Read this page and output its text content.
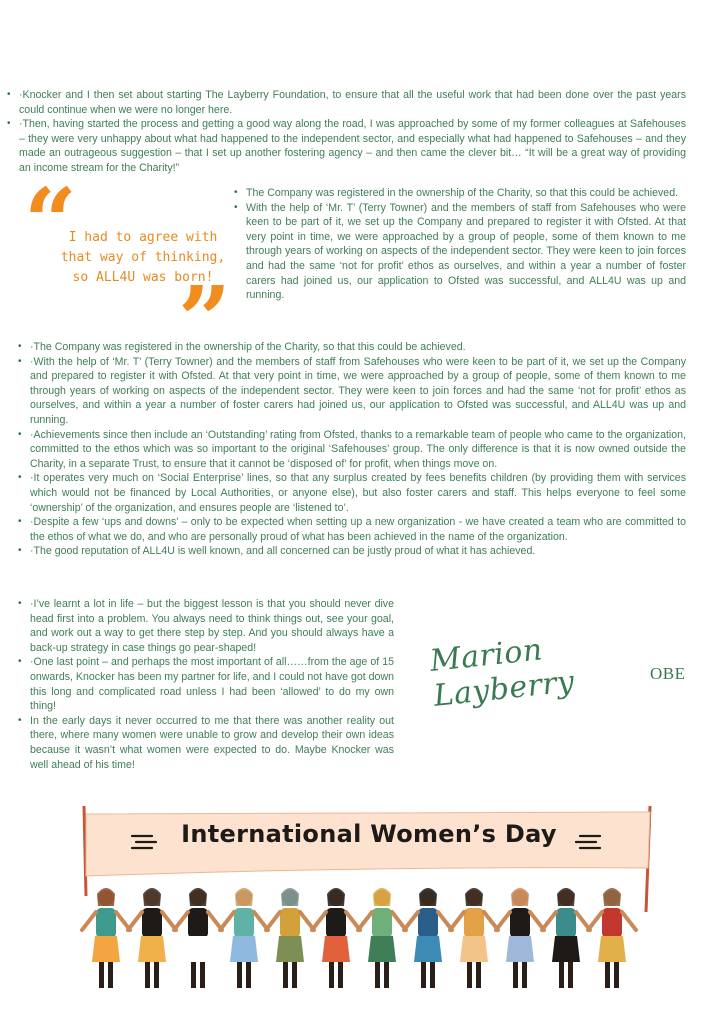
• ·Knocker and I then set about starting The Layberry Foundation, to ensure that all the useful work that had been done over the past years could continue when we were no longer here.
• ·Then, having started the process and getting a good way along the road, I was approached by some of my former colleagues at Safehouses – they were very unhappy about what had happened to the independent sector, and especially what had happened to Safehouses – and they made an outrageous suggestion – that I set up another fostering agency – and then came the clever bit… “It will be a great way of providing an income stream for the Charity!”
“
I had to agree with
that way of thinking,
so ALL4U was born!
”
• The Company was registered in the ownership of the Charity, so that this could be achieved.
• With the help of ‘Mr. T’ (Terry Towner) and the members of staff from Safehouses who were keen to be part of it, we set up the Company and prepared to register it with Ofsted. At that very point in time, we were approached by a group of people, some of them known to me through years of working on aspects of the independent sector. They were keen to join forces and had the same ‘not for profit’ ethos as ourselves, and within a year a number of foster carers had joined us, our application to Ofsted was successful, and ALL4U was up and running.
• ·The Company was registered in the ownership of the Charity, so that this could be achieved.
• ·With the help of ‘Mr. T’ (Terry Towner) and the members of staff from Safehouses who were keen to be part of it, we set up the Company and prepared to register it with Ofsted. At that very point in time, we were approached by a group of people, some of them known to me through years of working on aspects of the independent sector. They were keen to join forces and had the same ‘not for profit’ ethos as ourselves, and within a year a number of foster carers had joined us, our application to Ofsted was successful, and ALL4U was up and running.
• ·Achievements since then include an ‘Outstanding’ rating from Ofsted, thanks to a remarkable team of people who came to the organization, committed to the ethos which was so important to the original ‘Safehouses’ group. The only difference is that it is now owned outside the Charity, in a separate Trust, to ensure that it cannot be ‘disposed of’ for profit, when things move on.
• ·It operates very much on ‘Social Enterprise’ lines, so that any surplus created by fees benefits children (by providing them with services which would not be financed by Local Authorities, or anyone else), but also foster carers and staff. This helps everyone to feel some ‘ownership’ of the organization, and ensures people are ‘listened to’.
• ·Despite a few ‘ups and downs’ – only to be expected when setting up a new organization - we have created a team who are committed to the ethos of what we do, and who are personally proud of what has been achieved in the name of the organization.
• ·The good reputation of ALL4U is well known, and all concerned can be justly proud of what it has achieved.
• ·I’ve learnt a lot in life – but the biggest lesson is that you should never dive head first into a problem. You always need to think things out, see your goal, and work out a way to get there step by step. And you should always have a back-up strategy in case things go pear-shaped!
• ·One last point – and perhaps the most important of all……from the age of 15 onwards, Knocker has been my partner for life, and I could not have got down this long and complicated road unless I had been ‘allowed’ to do my own thing!
• In the early days it never occurred to me that there was another reality out there, where many women were unable to grow and develop their own ideas because it wasn’t what women were expected to do. Maybe Knocker was well ahead of his time!
Marion Layberry	OBE
International Women’s Day
